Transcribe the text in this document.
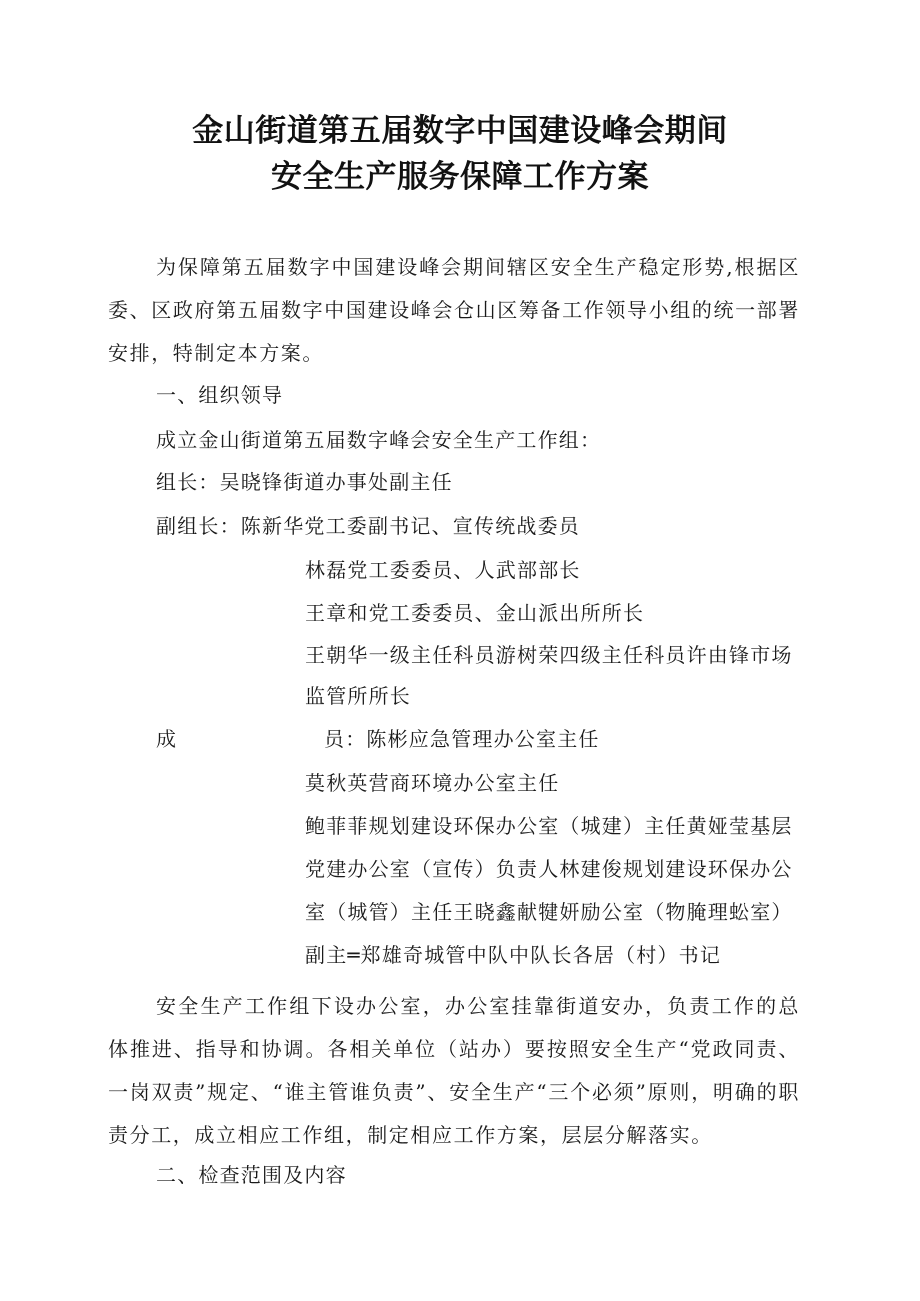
金山街道第五届数字中国建设峰会期间
安全生产服务保障工作方案
为保障第五届数字中国建设峰会期间辖区安全生产稳定形势,根据区委、区政府第五届数字中国建设峰会仓山区筹备工作领导小组的统一部署安排，特制定本方案。
一、组织领导
成立金山街道第五届数字峰会安全生产工作组：
组长：吴晓锋街道办事处副主任
副组长：陈新华党工委副书记、宣传统战委员
林磊党工委委员、人武部部长
王章和党工委委员、金山派出所所长
王朝华一级主任科员游树荣四级主任科员许由锋市场
监管所所长
成	员：陈彬应急管理办公室主任
莫秋英营商环境办公室主任
鲍菲菲规划建设环保办公室（城建）主任黄娅莹基层
党建办公室（宣传）负责人林建俊规划建设环保办公
室（城管）主任王晓鑫献犍妍励公室（物腌理蚣室）
副主═郑雄奇城管中队中队长各居（村）书记
安全生产工作组下设办公室，办公室挂靠街道安办，负责工作的总体推进、指导和协调。各相关单位（站办）要按照安全生产“党政同责、一岗双责”规定、“谁主管谁负责”、安全生产“三个必须”原则，明确的职责分工，成立相应工作组，制定相应工作方案，层层分解落实。
二、检查范围及内容
